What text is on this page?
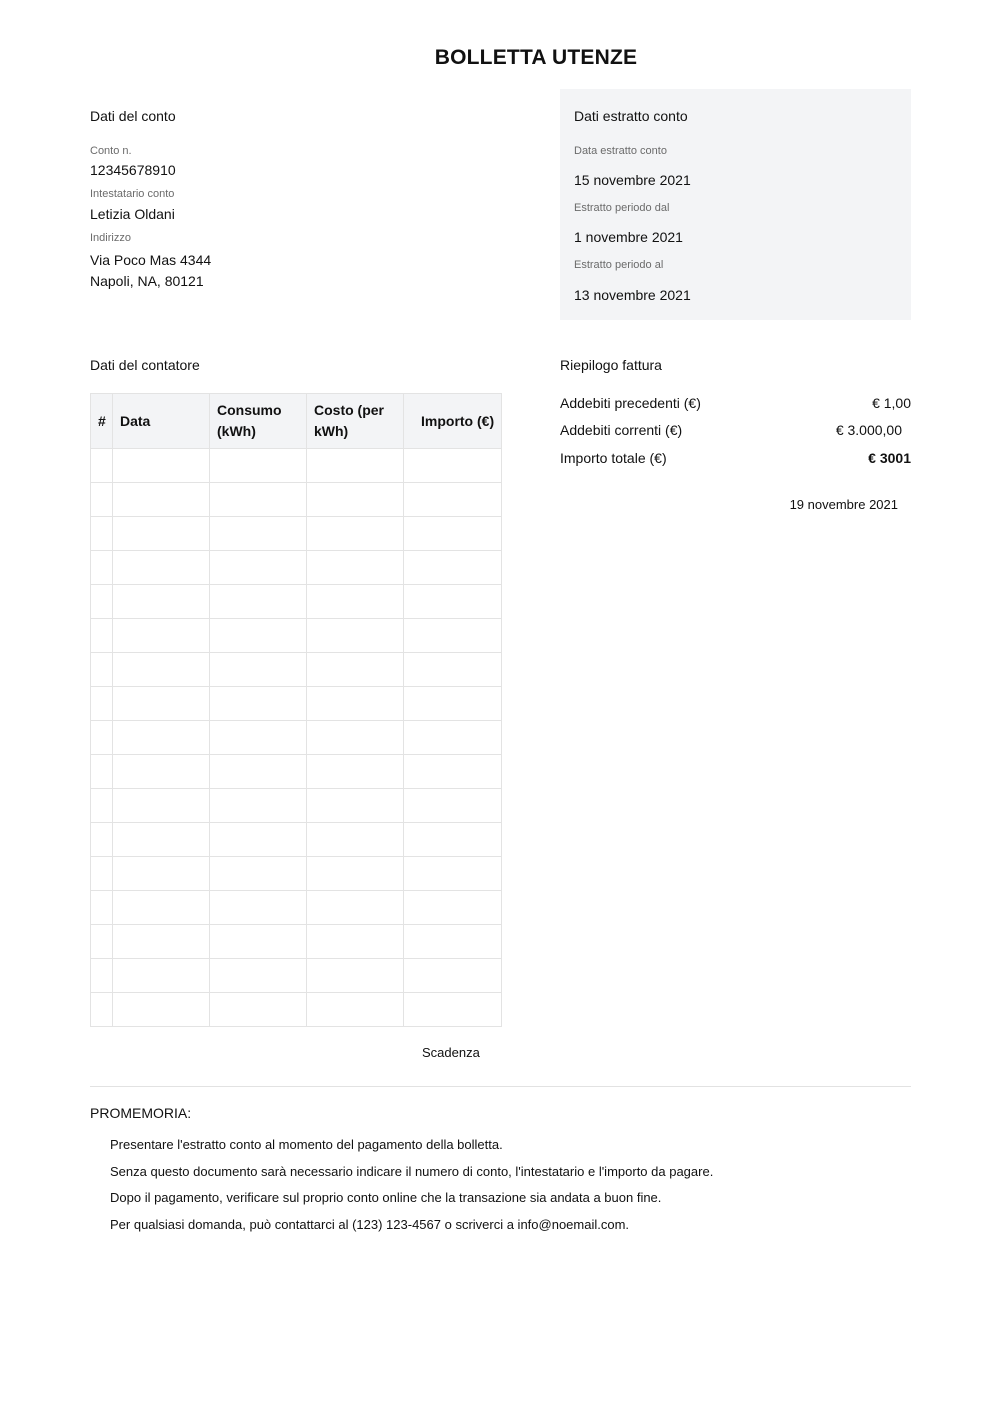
BOLLETTA UTENZE
Dati del conto
Conto n.
12345678910
Intestatario conto
Letizia Oldani
Indirizzo
Via Poco Mas 4344
Napoli, NA, 80121
Dati estratto conto
Data estratto conto
15 novembre 2021
Estratto periodo dal
1 novembre 2021
Estratto periodo al
13 novembre 2021
Dati del contatore
#	Data	Consumo (kWh)	Costo (per kWh)	Importo (€)

Riepilogo fattura
Addebiti precedenti (€)	€ 1,00
Addebiti correnti (€)	€ 3.000,00
Importo totale (€)	€ 3001
19 novembre 2021
Scadenza
PROMEMORIA:
Presentare l'estratto conto al momento del pagamento della bolletta.
Senza questo documento sarà necessario indicare il numero di conto, l'intestatario e l'importo da pagare.
Dopo il pagamento, verificare sul proprio conto online che la transazione sia andata a buon fine.
Per qualsiasi domanda, può contattarci al (123) 123-4567 o scriverci a info@noemail.com.
